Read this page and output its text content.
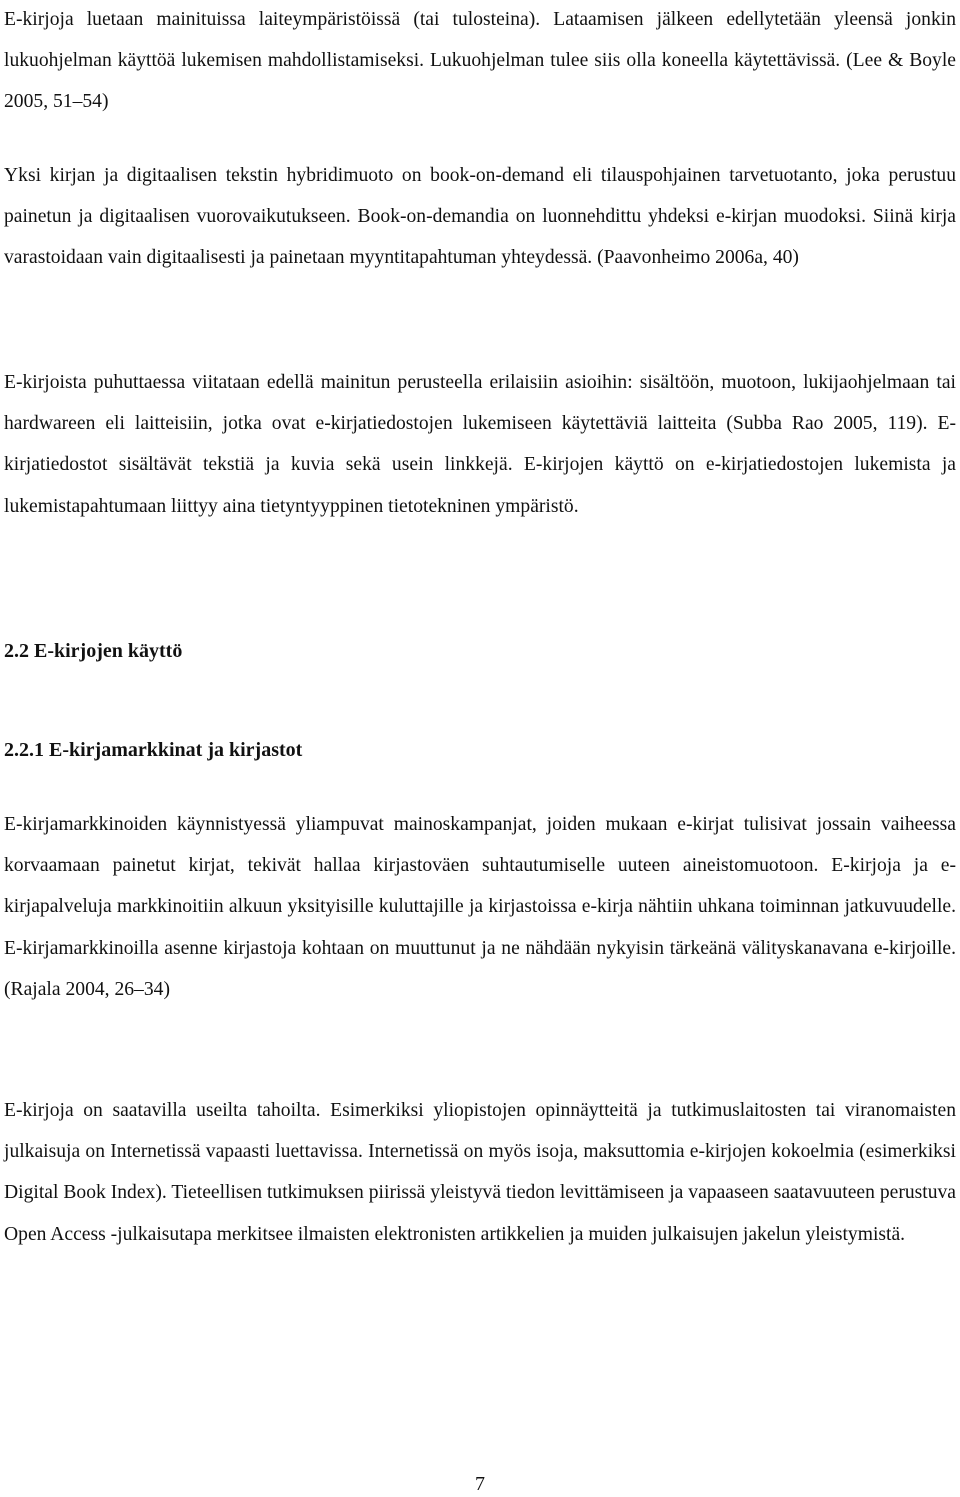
E-kirjoja luetaan mainituissa laiteympäristöissä (tai tulosteina). Lataamisen jälkeen edellytetään yleensä jonkin lukuohjelman käyttöä lukemisen mahdollistamiseksi. Lukuohjelman tulee siis olla koneella käytettävissä. (Lee & Boyle 2005, 51–54)

Yksi kirjan ja digitaalisen tekstin hybridimuoto on book-on-demand eli tilauspohjainen tarvetuotanto, joka perustuu painetun ja digitaalisen vuorovaikutukseen. Book-on-demandia on luonnehdittu yhdeksi e-kirjan muodoksi. Siinä kirja varastoidaan vain digitaalisesti ja painetaan myyntitapahtuman yhteydessä. (Paavonheimo 2006a, 40)

E-kirjoista puhuttaessa viitataan edellä mainitun perusteella erilaisiin asioihin: sisältöön, muotoon, lukijaohjelmaan tai hardwareen eli laitteisiin, jotka ovat e-kirjatiedostojen lukemiseen käytettäviä laitteita (Subba Rao 2005, 119). E-kirjatiedostot sisältävät tekstiä ja kuvia sekä usein linkkejä. E-kirjojen käyttö on e-kirjatiedostojen lukemista ja lukemistapahtumaan liittyy aina tietyntyyppinen tietotekninen ympäristö.

2.2 E-kirjojen käyttö
2.2.1 E-kirjamarkkinat ja kirjastot

E-kirjamarkkinoiden käynnistyessä yliampuvat mainoskampanjat, joiden mukaan e-kirjat tulisivat jossain vaiheessa korvaamaan painetut kirjat, tekivät hallaa kirjastoväen suhtautumiselle uuteen aineistomuotoon. E-kirjoja ja e-kirjapalveluja markkinoitiin alkuun yksityisille kuluttajille ja kirjastoissa e-kirja nähtiin uhkana toiminnan jatkuvuudelle. E-kirjamarkkinoilla asenne kirjastoja kohtaan on muuttunut ja ne nähdään nykyisin tärkeänä välityskanavana e-kirjoille. (Rajala 2004, 26–34)

E-kirjoja on saatavilla useilta tahoilta. Esimerkiksi yliopistojen opinnäytteitä ja tutkimuslaitosten tai viranomaisten julkaisuja on Internetissä vapaasti luettavissa. Internetissä on myös isoja, maksuttomia e-kirjojen kokoelmia (esimerkiksi Digital Book Index). Tieteellisen tutkimuksen piirissä yleistyvä tiedon levittämiseen ja vapaaseen saatavuuteen perustuva Open Access -julkaisutapa merkitsee ilmaisten elektronisten artikkelien ja muiden julkaisujen jakelun yleistymistä.

7
